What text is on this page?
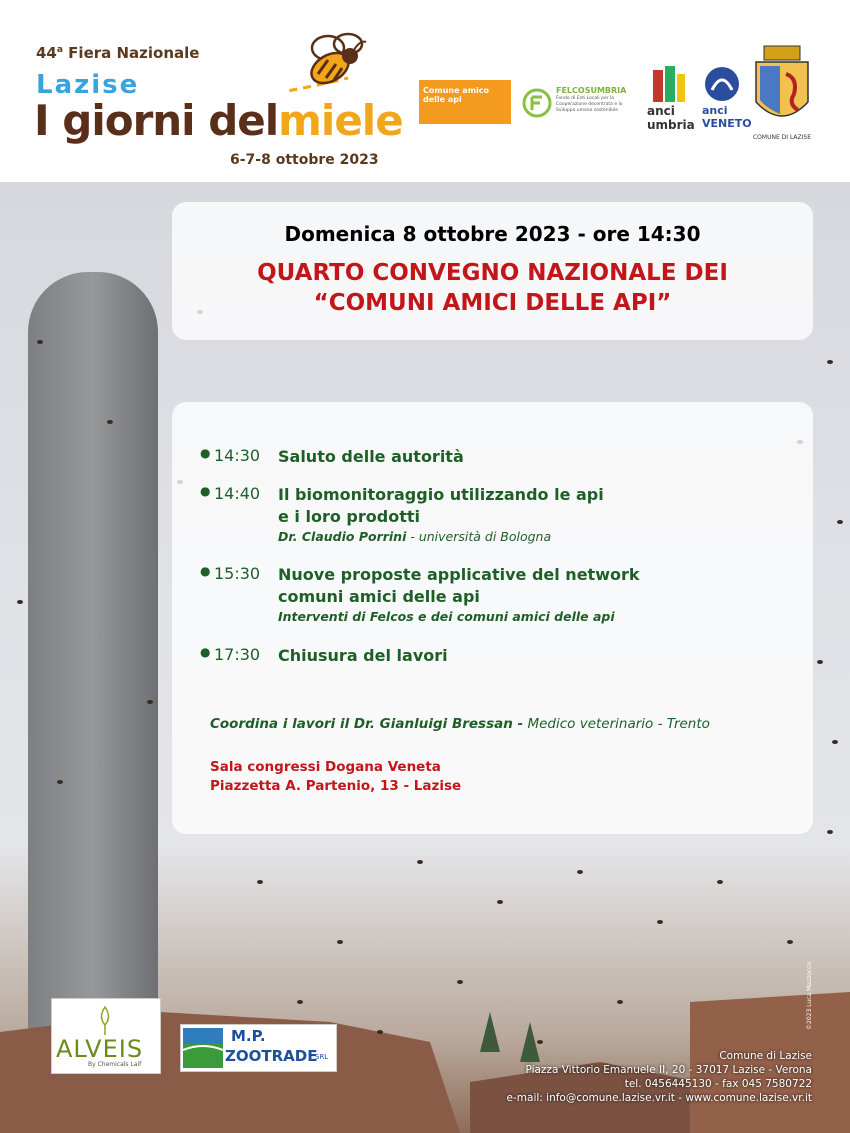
44$^a$ Fiera Nazionale
Lazise
I giorni delmiele
6-7-8 ottobre 2023
Comune amico delle api
FELCOSUMBRIA
Fondo di Enti Locali per la Cooperazione decentrata e lo Sviluppo umano sostenibile	anci umbria
anci VENETO
COMUNE DI LAZISE
Domenica 8 ottobre 2023 - ore 14:30
QUARTO CONVEGNO NAZIONALE DEI
“COMUNI AMICI DELLE API”
● 14:30 Saluto delle autorità
● 14:40 Il biomonitoraggio utilizzando le api
e i loro prodotti
Dr. Claudio Porrini - università di Bologna
● 15:30 Nuove proposte applicative del network
comuni amici delle api
Interventi di Felcos e dei comuni amici delle api
● 17:30 Chiusura del lavori
Coordina i lavori il Dr. Gianluigi Bressan - Medico veterinario - Trento
Sala congressi Dogana Veneta
Piazzetta A. Partenio, 13 - Lazise
ALVEIS
By Chemicals Laif
M.P.
ZOOTRADE
SRL
©2023 Luca Mazzocco
Comune di Lazise
Piazza Vittorio Emanuele II, 20 - 37017 Lazise - Verona
tel. 0456445130 - fax 045 7580722
e-mail: info@comune.lazise.vr.it - www.comune.lazise.vr.it
